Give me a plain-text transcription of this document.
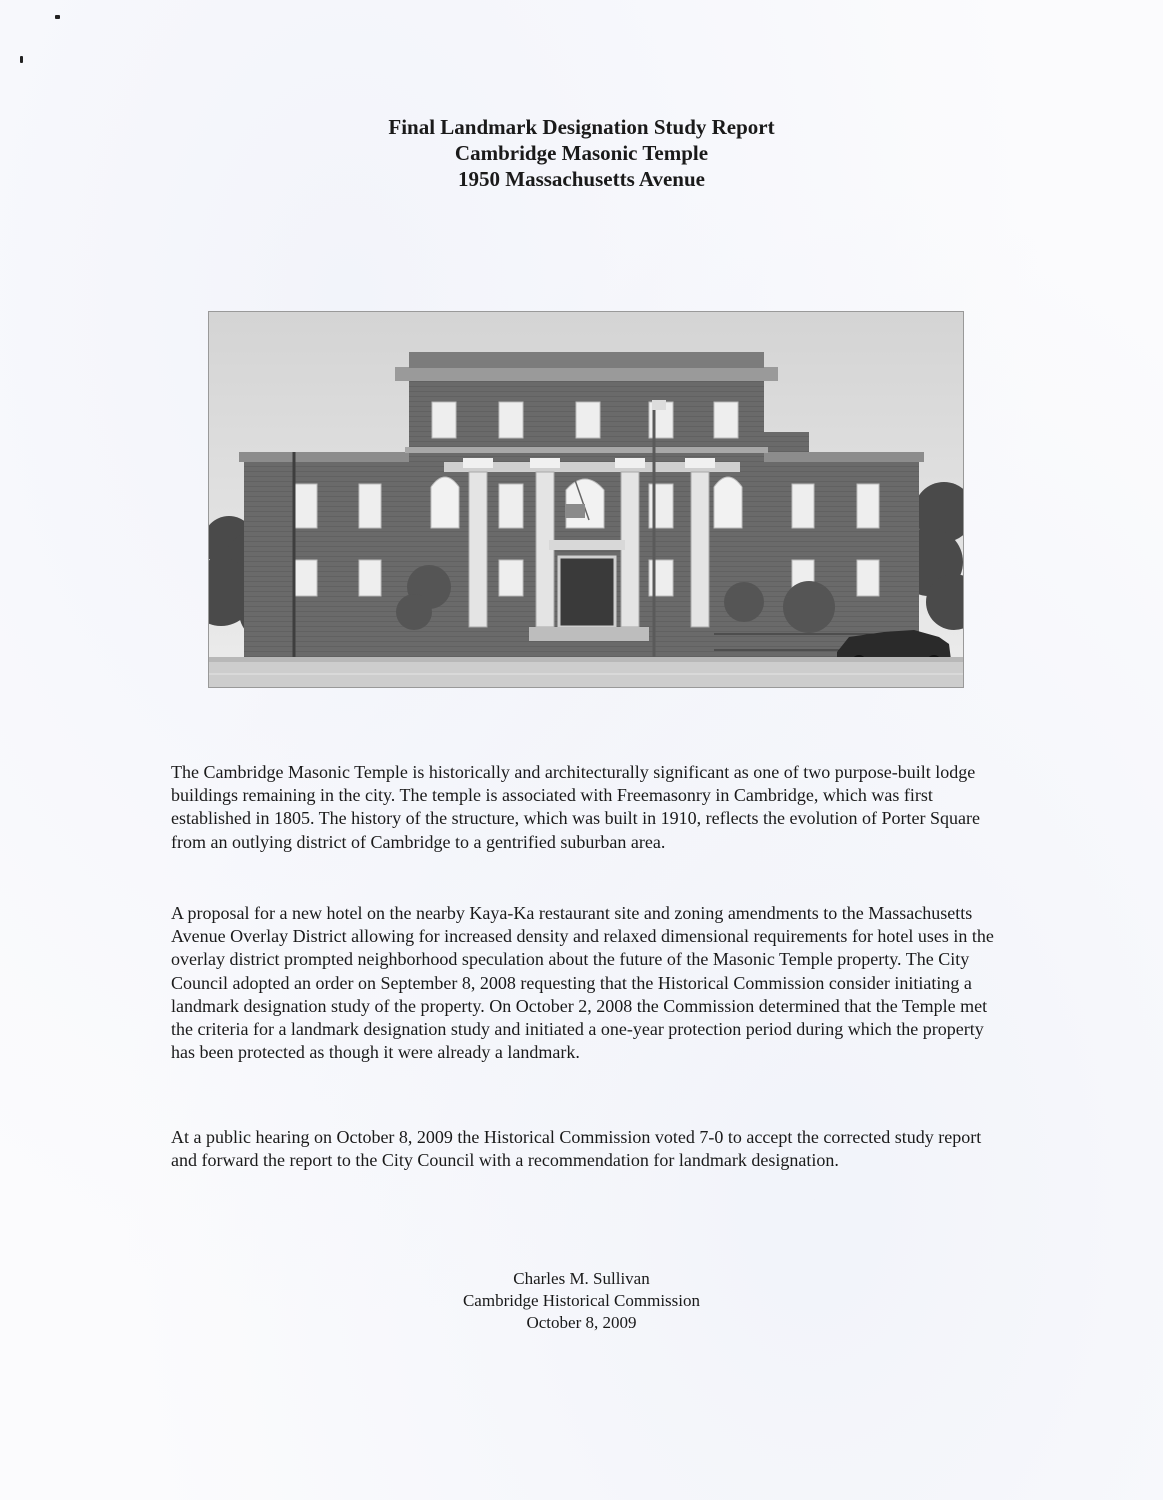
Final Landmark Designation Study Report
Cambridge Masonic Temple
1950 Massachusetts Avenue

The Cambridge Masonic Temple is historically and architecturally significant as one of two purpose-built lodge buildings remaining in the city. The temple is associated with Freemasonry in Cambridge, which was first established in 1805. The history of the structure, which was built in 1910, reflects the evolution of Porter Square from an outlying district of Cambridge to a gentrified suburban area.

A proposal for a new hotel on the nearby Kaya-Ka restaurant site and zoning amendments to the Massachusetts Avenue Overlay District allowing for increased density and relaxed dimensional requirements for hotel uses in the overlay district prompted neighborhood speculation about the future of the Masonic Temple property. The City Council adopted an order on September 8, 2008 requesting that the Historical Commission consider initiating a landmark designation study of the property. On October 2, 2008 the Commission determined that the Temple met the criteria for a landmark designation study and initiated a one-year protection period during which the property has been protected as though it were already a landmark.

At a public hearing on October 8, 2009 the Historical Commission voted 7-0 to accept the corrected study report and forward the report to the City Council with a recommendation for landmark designation.

Charles M. Sullivan
Cambridge Historical Commission
October 8, 2009
